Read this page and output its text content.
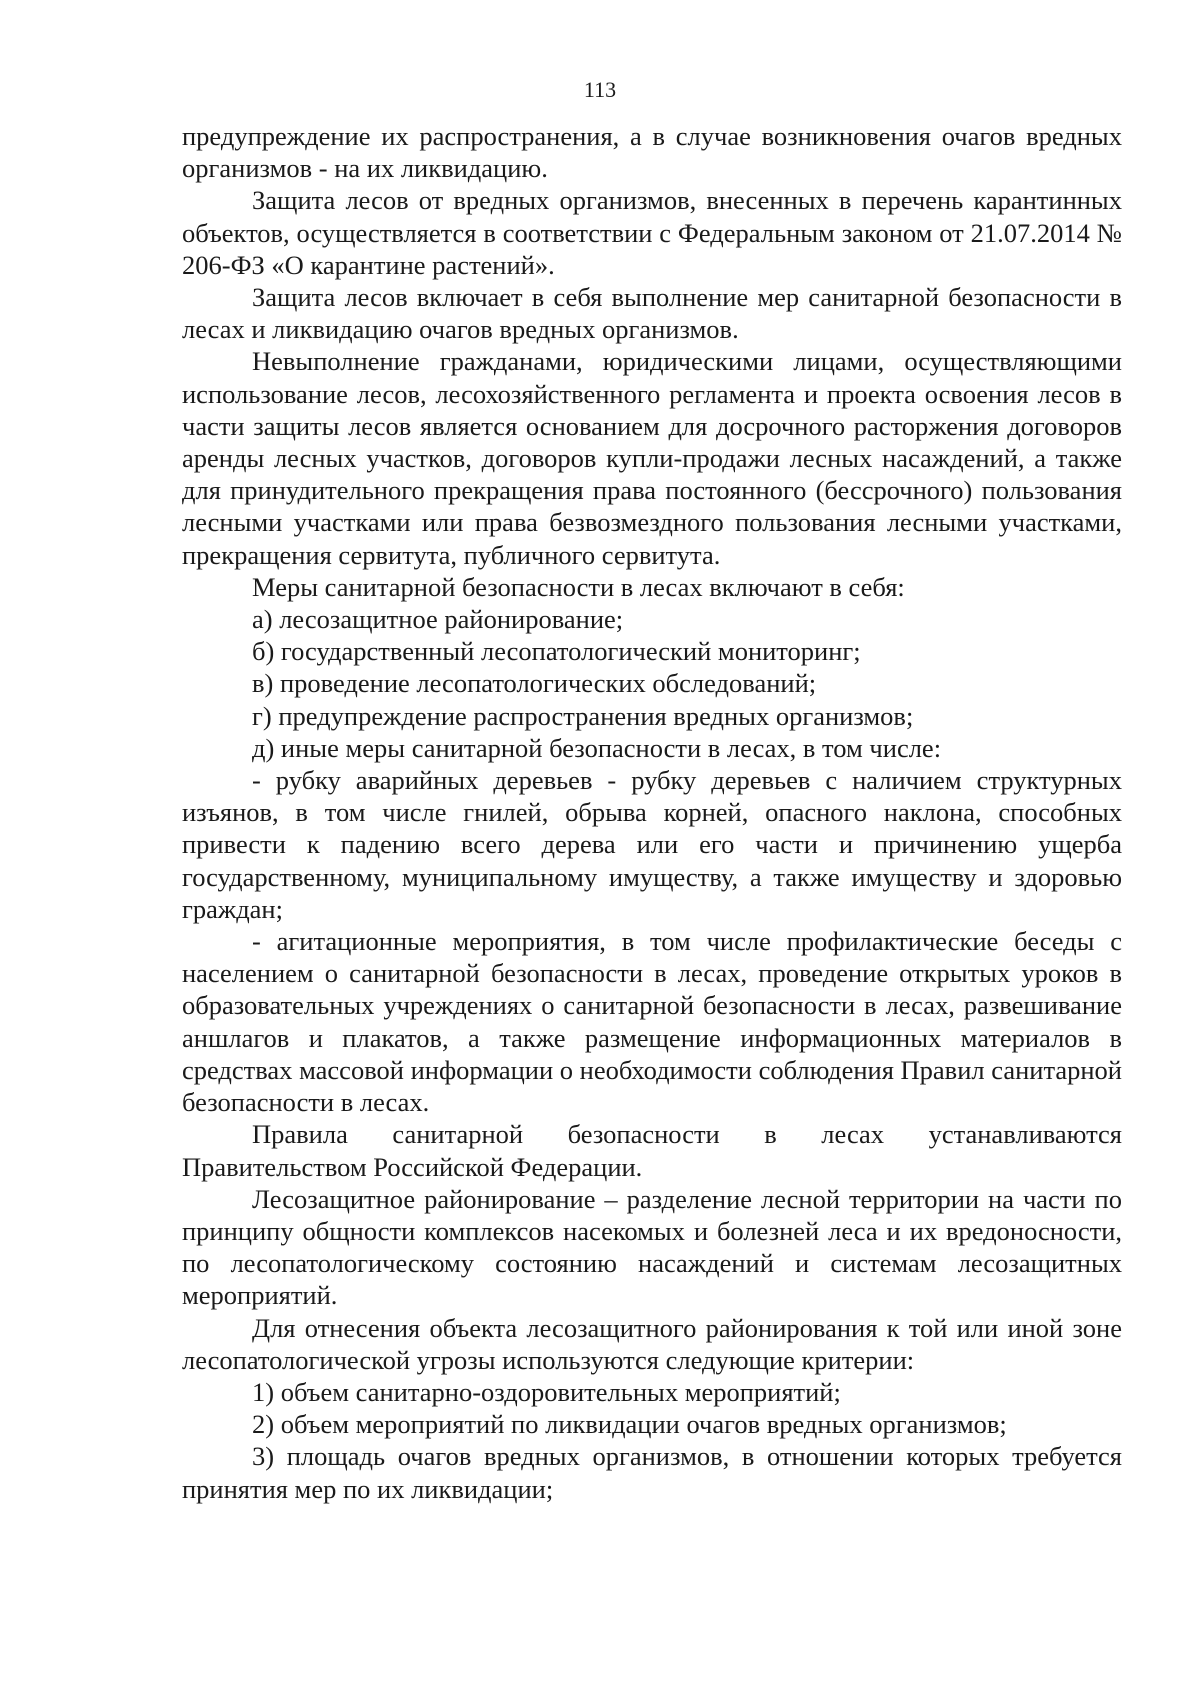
113

предупреждение их распространения, а в случае возникновения очагов вредных организмов - на их ликвидацию.

Защита лесов от вредных организмов, внесенных в перечень карантинных объектов, осуществляется в соответствии с Федеральным законом от 21.07.2014 № 206-ФЗ «О карантине растений».

Защита лесов включает в себя выполнение мер санитарной безопасности в лесах и ликвидацию очагов вредных организмов.

Невыполнение гражданами, юридическими лицами, осуществляющими использование лесов, лесохозяйственного регламента и проекта освоения лесов в части защиты лесов является основанием для досрочного расторжения договоров аренды лесных участков, договоров купли-продажи лесных насаждений, а также для принудительного прекращения права постоянного (бессрочного) пользования лесными участками или права безвозмездного пользования лесными участками, прекращения сервитута, публичного сервитута.

Меры санитарной безопасности в лесах включают в себя:

а) лесозащитное районирование;

б) государственный лесопатологический мониторинг;

в) проведение лесопатологических обследований;

г) предупреждение распространения вредных организмов;

д) иные меры санитарной безопасности в лесах, в том числе:

- рубку аварийных деревьев - рубку деревьев с наличием структурных изъянов, в том числе гнилей, обрыва корней, опасного наклона, способных привести к падению всего дерева или его части и причинению ущерба государственному, муниципальному имуществу, а также имуществу и здоровью граждан;

- агитационные мероприятия, в том числе профилактические беседы с населением о санитарной безопасности в лесах, проведение открытых уроков в образовательных учреждениях о санитарной безопасности в лесах, развешивание аншлагов и плакатов, а также размещение информационных материалов в средствах массовой информации о необходимости соблюдения Правил санитарной безопасности в лесах.

Правила санитарной безопасности в лесах устанавливаются Правительством Российской Федерации.

Лесозащитное районирование – разделение лесной территории на части по принципу общности комплексов насекомых и болезней леса и их вредоносности, по лесопатологическому состоянию насаждений и системам лесозащитных мероприятий.

Для отнесения объекта лесозащитного районирования к той или иной зоне лесопатологической угрозы используются следующие критерии:

1) объем санитарно-оздоровительных мероприятий;

2) объем мероприятий по ликвидации очагов вредных организмов;

3) площадь очагов вредных организмов, в отношении которых требуется принятия мер по их ликвидации;
